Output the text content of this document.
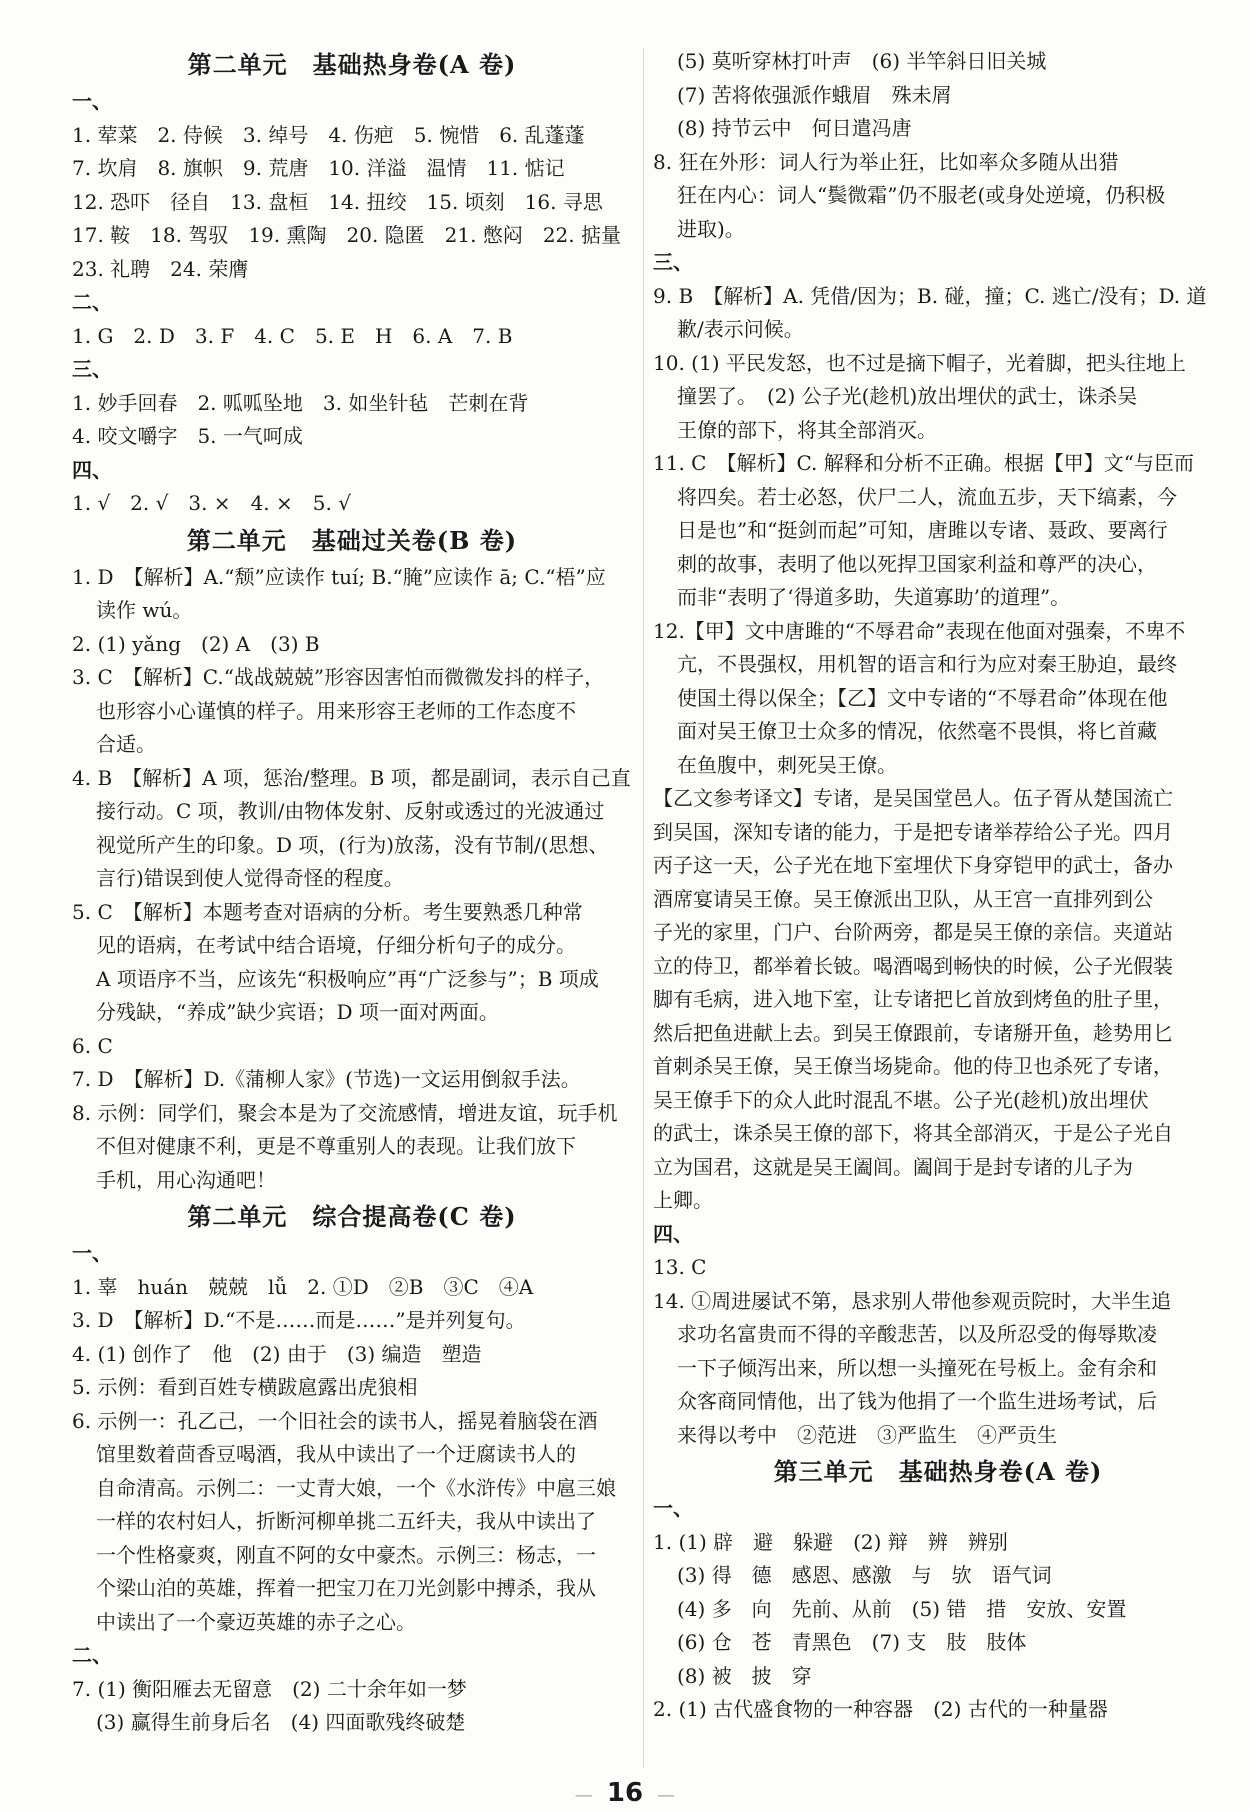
第二单元　基础热身卷(A 卷)
一、
1. 荤菜　2. 侍候　3. 绰号　4. 伤疤　5. 惋惜　6. 乱蓬蓬
7. 坎肩　8. 旗帜　9. 荒唐　10. 洋溢　温情　11. 惦记
12. 恐吓　径自　13. 盘桓　14. 扭绞　15. 顷刻　16. 寻思
17. 鞍　18. 驾驭　19. 熏陶　20. 隐匿　21. 憋闷　22. 掂量
23. 礼聘　24. 荣膺
二、
1. G　2. D　3. F　4. C　5. E　H　6. A　7. B
三、
1. 妙手回春　2. 呱呱坠地　3. 如坐针毡　芒刺在背
4. 咬文嚼字　5. 一气呵成
四、
1. √　2. √　3. ×　4. ×　5. √
第二单元　基础过关卷(B 卷)
1. D　【解析】A.“颓”应读作 tuí; B.“腌”应读作 ā; C.“梧”应
读作 wú。
2. (1) yǎng　(2) A　(3) B
3. C　【解析】C.“战战兢兢”形容因害怕而微微发抖的样子，
也形容小心谨慎的样子。用来形容王老师的工作态度不
合适。
4. B　【解析】A 项，惩治/整理。B 项，都是副词，表示自己直
接行动。C 项，教训/由物体发射、反射或透过的光波通过
视觉所产生的印象。D 项，(行为)放荡，没有节制/(思想、
言行)错误到使人觉得奇怪的程度。
5. C　【解析】本题考查对语病的分析。考生要熟悉几种常
见的语病，在考试中结合语境，仔细分析句子的成分。
A 项语序不当，应该先“积极响应”再“广泛参与”；B 项成
分残缺，“养成”缺少宾语；D 项一面对两面。
6. C
7. D　【解析】D.《蒲柳人家》(节选)一文运用倒叙手法。
8. 示例：同学们，聚会本是为了交流感情，增进友谊，玩手机
不但对健康不利，更是不尊重别人的表现。让我们放下
手机，用心沟通吧！
第二单元　综合提高卷(C 卷)
一、
1. 辜　huán　兢兢　lǚ　2. ①D　②B　③C　④A
3. D　【解析】D.“不是……而是……”是并列复句。
4. (1) 创作了　他　(2) 由于　(3) 编造　塑造
5. 示例：看到百姓专横跋扈露出虎狼相
6. 示例一：孔乙己，一个旧社会的读书人，摇晃着脑袋在酒
馆里数着茴香豆喝酒，我从中读出了一个迂腐读书人的
自命清高。示例二：一丈青大娘，一个《水浒传》中扈三娘
一样的农村妇人，折断河柳单挑二五纤夫，我从中读出了
一个性格豪爽，刚直不阿的女中豪杰。示例三：杨志，一
个梁山泊的英雄，挥着一把宝刀在刀光剑影中搏杀，我从
中读出了一个豪迈英雄的赤子之心。
二、
7. (1) 衡阳雁去无留意　(2) 二十余年如一梦
(3) 赢得生前身后名　(4) 四面歌残终破楚
(5) 莫听穿林打叶声　(6) 半竿斜日旧关城
(7) 苦将侬强派作蛾眉　殊未屑
(8) 持节云中　何日遣冯唐
8. 狂在外形：词人行为举止狂，比如率众多随从出猎
狂在内心：词人“鬓微霜”仍不服老(或身处逆境，仍积极
进取)。
三、
9. B　【解析】A. 凭借/因为；B. 碰，撞；C. 逃亡/没有；D. 道
歉/表示问候。
10. (1) 平民发怒，也不过是摘下帽子，光着脚，把头往地上
撞罢了。　(2) 公子光(趁机)放出埋伏的武士，诛杀吴
王僚的部下，将其全部消灭。
11. C　【解析】C. 解释和分析不正确。根据【甲】文“与臣而
将四矣。若士必怒，伏尸二人，流血五步，天下缟素，今
日是也”和“挺剑而起”可知，唐雎以专诸、聂政、要离行
刺的故事，表明了他以死捍卫国家利益和尊严的决心，
而非“表明了‘得道多助，失道寡助’的道理”。
12.【甲】文中唐雎的“不辱君命”表现在他面对强秦，不卑不
亢，不畏强权，用机智的语言和行为应对秦王胁迫，最终
使国土得以保全；【乙】文中专诸的“不辱君命”体现在他
面对吴王僚卫士众多的情况，依然毫不畏惧，将匕首藏
在鱼腹中，刺死吴王僚。
【乙文参考译文】专诸，是吴国堂邑人。伍子胥从楚国流亡
到吴国，深知专诸的能力，于是把专诸举荐给公子光。四月
丙子这一天，公子光在地下室埋伏下身穿铠甲的武士，备办
酒席宴请吴王僚。吴王僚派出卫队，从王宫一直排列到公
子光的家里，门户、台阶两旁，都是吴王僚的亲信。夹道站
立的侍卫，都举着长铍。喝酒喝到畅快的时候，公子光假装
脚有毛病，进入地下室，让专诸把匕首放到烤鱼的肚子里，
然后把鱼进献上去。到吴王僚跟前，专诸掰开鱼，趁势用匕
首刺杀吴王僚，吴王僚当场毙命。他的侍卫也杀死了专诸，
吴王僚手下的众人此时混乱不堪。公子光(趁机)放出埋伏
的武士，诛杀吴王僚的部下，将其全部消灭，于是公子光自
立为国君，这就是吴王阖闾。阖闾于是封专诸的儿子为
上卿。
四、
13. C
14. ①周进屡试不第，恳求别人带他参观贡院时，大半生追
求功名富贵而不得的辛酸悲苦，以及所忍受的侮辱欺凌
一下子倾泻出来，所以想一头撞死在号板上。金有余和
众客商同情他，出了钱为他捐了一个监生进场考试，后
来得以考中　②范进　③严监生　④严贡生
第三单元　基础热身卷(A 卷)
一、
1. (1) 辟　避　躲避　(2) 辩　辨　辨别
(3) 得　德　感恩、感激　与　欤　语气词
(4) 多　向　先前、从前　(5) 错　措　安放、安置
(6) 仓　苍　青黑色　(7) 支　肢　肢体
(8) 被　披　穿
2. (1) 古代盛食物的一种容器　(2) 古代的一种量器
— 16 —
